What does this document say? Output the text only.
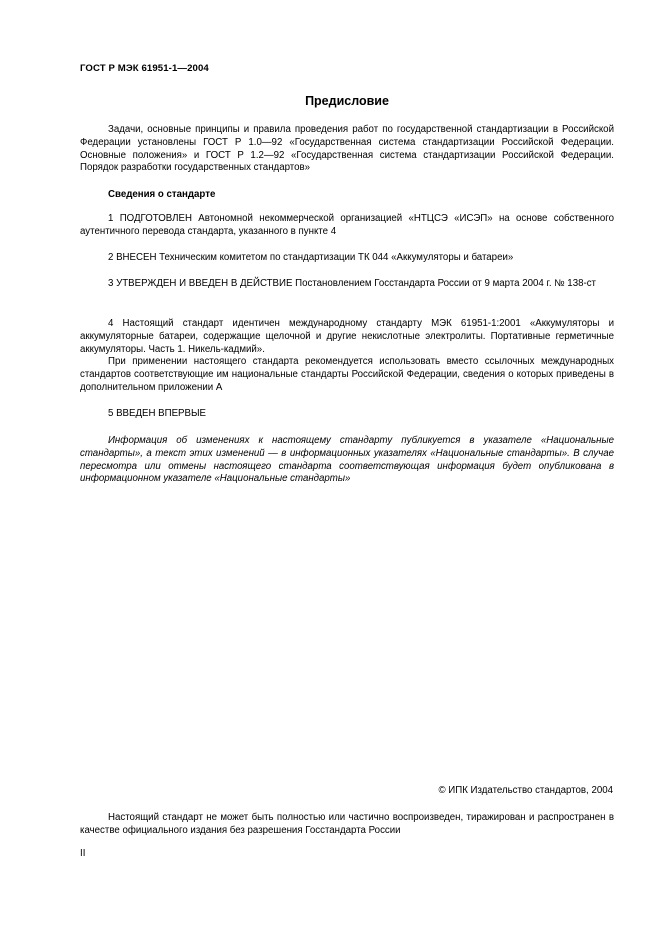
ГОСТ Р МЭК 61951-1—2004
Предисловие

Задачи, основные принципы и правила проведения работ по государственной стандартизации в Российской Федерации установлены ГОСТ Р 1.0—92 «Государственная система стандартизации Российской Федерации. Основные положения» и ГОСТ Р 1.2—92 «Государственная система стандартизации Российской Федерации. Порядок разработки государственных стандартов»

Сведения о стандарте

1 ПОДГОТОВЛЕН Автономной некоммерческой организацией «НТЦСЭ «ИСЭП» на основе собственного аутентичного перевода стандарта, указанного в пункте 4

2 ВНЕСЕН Техническим комитетом по стандартизации ТК 044 «Аккумуляторы и батареи»

3 УТВЕРЖДЕН И ВВЕДЕН В ДЕЙСТВИЕ Постановлением Госстандарта России от 9 марта 2004 г. № 138-ст

4 Настоящий стандарт идентичен международному стандарту МЭК 61951-1:2001 «Аккумуляторы и аккумуляторные батареи, содержащие щелочной и другие некислотные электролиты. Портативные герметичные аккумуляторы. Часть 1. Никель-кадмий».

При применении настоящего стандарта рекомендуется использовать вместо ссылочных международных стандартов соответствующие им национальные стандарты Российской Федерации, сведения о которых приведены в дополнительном приложении А

5 ВВЕДЕН ВПЕРВЫЕ

Информация об изменениях к настоящему стандарту публикуется в указателе «Национальные стандарты», а текст этих изменений — в информационных указателях «Национальные стандарты». В случае пересмотра или отмены настоящего стандарта соответствующая информация будет опубликована в информационном указателе «Национальные стандарты»

© ИПК Издательство стандартов, 2004

Настоящий стандарт не может быть полностью или частично воспроизведен, тиражирован и распространен в качестве официального издания без разрешения Госстандарта России

II
